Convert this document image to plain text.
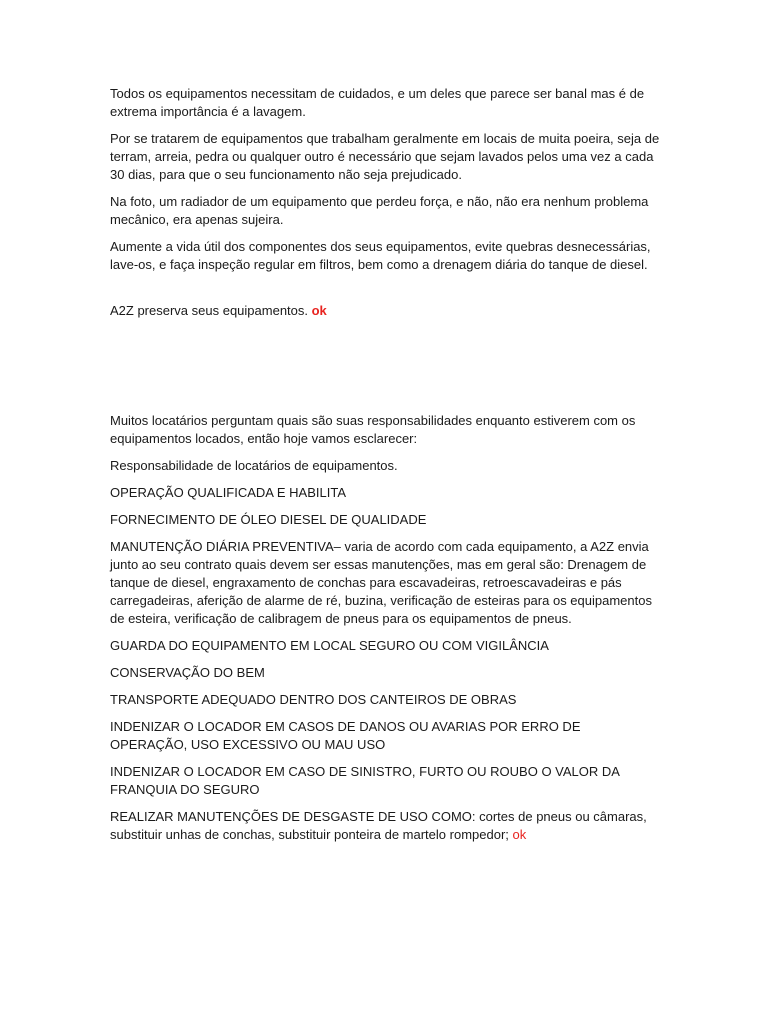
Todos os equipamentos necessitam de cuidados, e um deles que parece ser banal mas é de extrema importância é a lavagem.

Por se tratarem de equipamentos que trabalham geralmente em locais de muita poeira, seja de terram, arreia, pedra ou qualquer outro é necessário que sejam lavados pelos uma vez a cada 30 dias, para que o seu funcionamento não seja prejudicado.

Na foto, um radiador de um equipamento que perdeu força, e não, não era nenhum problema mecânico, era apenas sujeira.

Aumente a vida útil dos componentes dos seus equipamentos, evite quebras desnecessárias, lave-os, e faça inspeção regular em filtros, bem como a drenagem diária do tanque de diesel.

A2Z preserva seus equipamentos. ok

Muitos locatários perguntam quais são suas responsabilidades enquanto estiverem com os equipamentos locados, então hoje vamos esclarecer:

Responsabilidade de locatários de equipamentos.

OPERAÇÃO QUALIFICADA E HABILITA

FORNECIMENTO DE ÓLEO DIESEL DE QUALIDADE

MANUTENÇÃO DIÁRIA PREVENTIVA– varia de acordo com cada equipamento, a A2Z envia junto ao seu contrato quais devem ser essas manutenções, mas em geral são: Drenagem de tanque de diesel, engraxamento de conchas para escavadeiras, retroescavadeiras e pás carregadeiras, aferição de alarme de ré, buzina, verificação de esteiras para os equipamentos de esteira, verificação de calibragem de pneus para os equipamentos de pneus.

GUARDA DO EQUIPAMENTO EM LOCAL SEGURO OU COM VIGILÂNCIA

CONSERVAÇÃO DO BEM

TRANSPORTE ADEQUADO DENTRO DOS CANTEIROS DE OBRAS

INDENIZAR O LOCADOR EM CASOS DE DANOS OU AVARIAS POR ERRO DE OPERAÇÃO, USO EXCESSIVO OU MAU USO

INDENIZAR O LOCADOR EM CASO DE SINISTRO, FURTO OU ROUBO O VALOR DA FRANQUIA DO SEGURO

REALIZAR MANUTENÇÕES DE DESGASTE DE USO COMO: cortes de pneus ou câmaras, substituir unhas de conchas, substituir ponteira de martelo rompedor; ok
